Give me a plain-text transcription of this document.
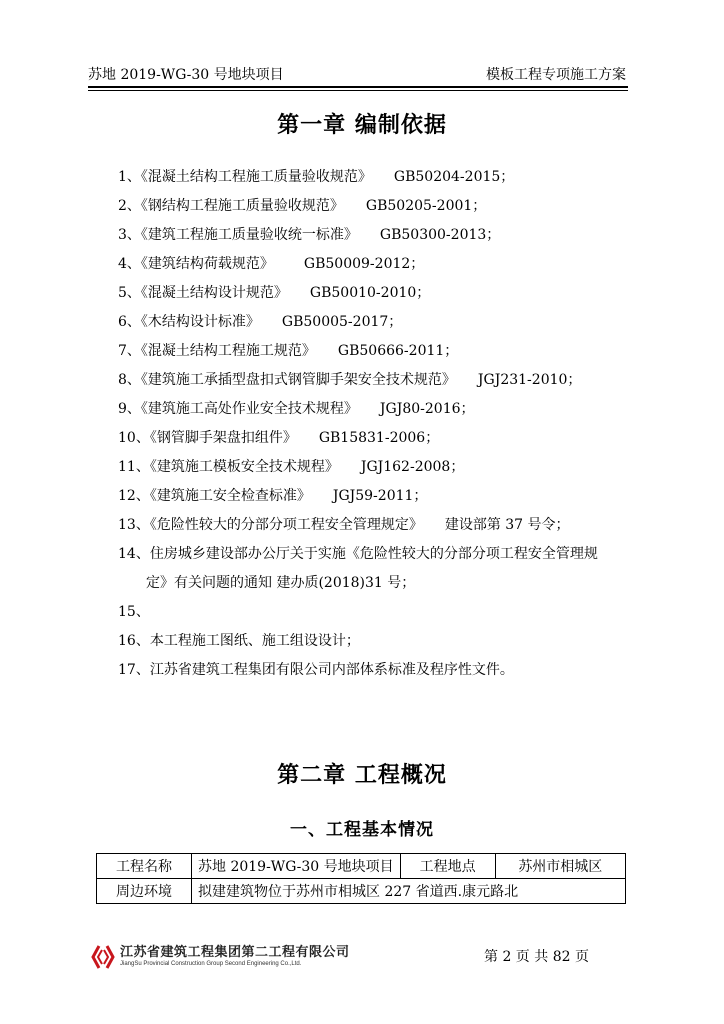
苏地 2019-WG-30 号地块项目	模板工程专项施工方案
第一章 编制依据
1、《混凝土结构工程施工质量验收规范》 GB50204-2015；
2、《钢结构工程施工质量验收规范》 GB50205-2001；
3、《建筑工程施工质量验收统一标准》 GB50300-2013；
4、《建筑结构荷载规范》 GB50009-2012；
5、《混凝土结构设计规范》 GB50010-2010；
6、《木结构设计标准》 GB50005-2017；
7、《混凝土结构工程施工规范》 GB50666-2011；
8、《建筑施工承插型盘扣式钢管脚手架安全技术规范》 JGJ231-2010；
9、《建筑施工高处作业安全技术规程》 JGJ80-2016；
10、《钢管脚手架盘扣组件》 GB15831-2006；
11、《建筑施工模板安全技术规程》 JGJ162-2008；
12、《建筑施工安全检查标准》 JGJ59-2011；
13、《危险性较大的分部分项工程安全管理规定》 建设部第 37 号令；
14、住房城乡建设部办公厅关于实施《危险性较大的分部分项工程安全管理规
定》有关问题的通知 建办质(2018)31 号；
15、
16、本工程施工图纸、施工组设设计；
17、江苏省建筑工程集团有限公司内部体系标准及程序性文件。
第二章 工程概况
一、工程基本情况
工程名称	苏地 2019-WG-30 号地块项目	工程地点	苏州市相城区
周边环境	拟建建筑物位于苏州市相城区 227 省道西.康元路北		
江苏省建筑工程集团第二工程有限公司
JiangSu Provincial Construction Group Second Engineering Co.,Ltd.	第 2 页 共 82 页
